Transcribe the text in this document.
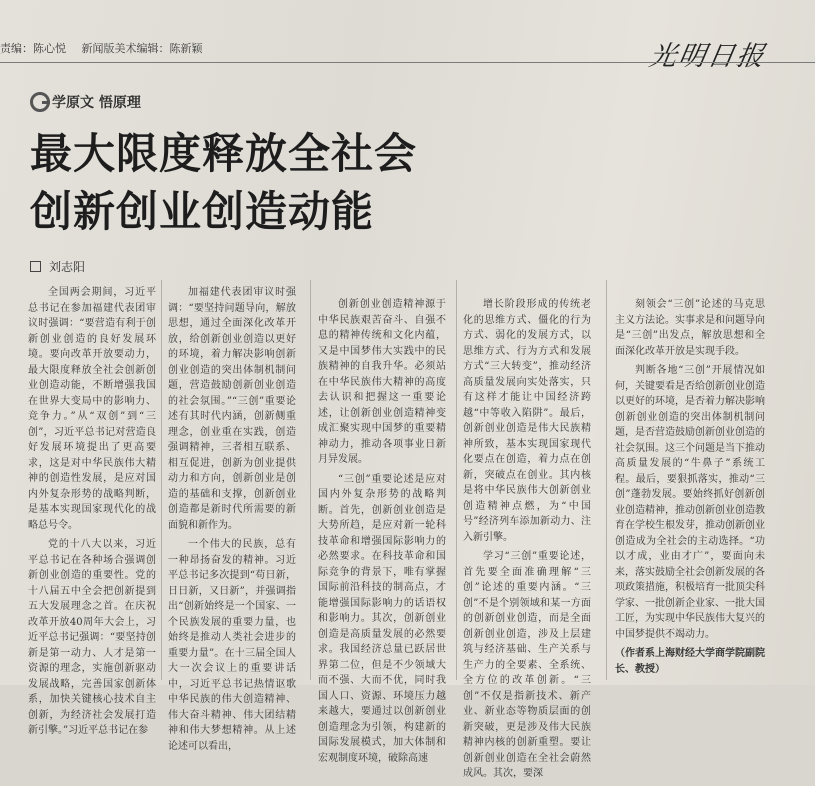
责编：陈心悦 新闻版美术编辑：陈新颖	光明日报
学原文 悟原理
最大限度释放全社会
创新创业创造动能
刘志阳

全国两会期间，习近平总书记在参加福建代表团审议时强调：“要营造有利于创新创业创造的良好发展环境。要向改革开放要动力，最大限度释放全社会创新创业创造动能，不断增强我国在世界大变局中的影响力、竞争力。”从“双创”到“三创”，习近平总书记对营造良好发展环境提出了更高要求，这是对中华民族伟大精神的创造性发展，是应对国内外复杂形势的战略判断，是基本实现国家现代化的战略总号令。

党的十八大以来，习近平总书记在各种场合强调创新创业创造的重要性。党的十八届五中全会把创新提到五大发展理念之首。在庆祝改革开放40周年大会上，习近平总书记强调：“要坚持创新是第一动力、人才是第一资源的理念，实施创新驱动发展战略，完善国家创新体系，加快关键核心技术自主创新，为经济社会发展打造新引擎。”习近平总书记在参

加福建代表团审议时强调：“要坚持问题导向，解放思想，通过全面深化改革开放，给创新创业创造以更好的环境，着力解决影响创新创业创造的突出体制机制问题，营造鼓励创新创业创造的社会氛围。”“三创”重要论述有其时代内涵，创新侧重理念，创业重在实践，创造强调精神，三者相互联系、相互促进，创新为创业提供动力和方向，创新创业是创造的基础和支撑，创新创业创造都是新时代所需要的新面貌和新作为。

一个伟大的民族，总有一种昂扬奋发的精神。习近平总书记多次提到“苟日新，日日新，又日新”，并强调指出“创新始终是一个国家、一个民族发展的重要力量，也始终是推动人类社会进步的重要力量”。在十三届全国人大一次会议上的重要讲话中，习近平总书记热情讴歌中华民族的伟大创造精神、伟大奋斗精神、伟大团结精神和伟大梦想精神。从上述论述可以看出，

创新创业创造精神源于中华民族艰苦奋斗、自强不息的精神传统和文化内蕴，又是中国梦伟大实践中的民族精神的自我升华。必须站在中华民族伟大精神的高度去认识和把握这一重要论述，让创新创业创造精神变成汇聚实现中国梦的重要精神动力，推动各项事业日新月异发展。

“三创”重要论述是应对国内外复杂形势的战略判断。首先，创新创业创造是大势所趋，是应对新一轮科技革命和增强国际影响力的必然要求。在科技革命和国际竞争的背景下，唯有掌握国际前沿科技的制高点，才能增强国际影响力的话语权和影响力。其次，创新创业创造是高质量发展的必然要求。我国经济总量已跃居世界第二位，但是不少领域大而不强、大而不优，同时我国人口、资源、环境压力越来越大，要通过以创新创业创造理念为引领，构建新的国际发展模式，加大体制和宏观制度环境，破除高速

增长阶段形成的传统老化的思维方式、僵化的行为方式、弱化的发展方式，以思维方式、行为方式和发展方式“三大转变”，推动经济高质量发展向实处落实，只有这样才能让中国经济跨越“中等收入陷阱”。最后，创新创业创造是伟大民族精神所致，基本实现国家现代化要点在创造，着力点在创新，突破点在创业。其内核是将中华民族伟大创新创业创造精神点燃，为“中国号”经济列车添加新动力、注入新引擎。

学习“三创”重要论述，首先要全面准确理解“三创”论述的重要内涵。“三创”不是个别领域和某一方面的创新创业创造，而是全面创新创业创造，涉及上层建筑与经济基础、生产关系与生产力的全要素、全系统、全方位的改革创新。“三创”不仅是指新技术、新产业、新业态等物质层面的创新突破，更是涉及伟大民族精神内核的创新重塑。要让创新创业创造在全社会蔚然成风。其次，要深

刻领会“三创”论述的马克思主义方法论。实事求是和问题导向是“三创”出发点，解放思想和全面深化改革开放是实现手段。

判断各地“三创”开展情况如何，关键要看是否给创新创业创造以更好的环境，是否着力解决影响创新创业创造的突出体制机制问题，是否营造鼓励创新创业创造的社会氛围。这三个问题是当下推动高质量发展的“牛鼻子”系统工程。最后，要狠抓落实，推动“三创”蓬勃发展。要始终抓好创新创业创造精神，推动创新创业创造教育在学校生根发芽，推动创新创业创造成为全社会的主动选择。“功以才成，业由才广”，要面向未来，落实鼓励全社会创新发展的各项政策措施，积极培育一批顶尖科学家、一批创新企业家、一批大国工匠，为实现中华民族伟大复兴的中国梦提供不竭动力。

（作者系上海财经大学商学院副院长、教授）
